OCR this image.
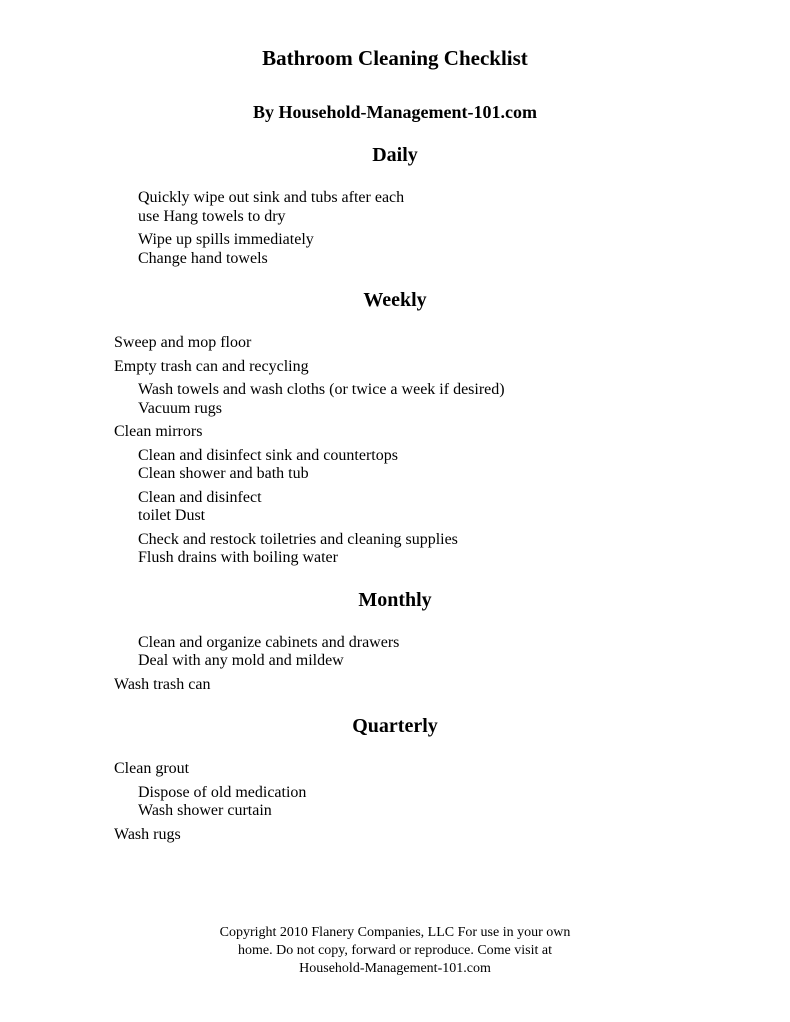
Bathroom Cleaning Checklist
By Household-Management-101.com
Daily

Quickly wipe out sink and tubs after each
use Hang towels to dry

Wipe up spills immediately
Change hand towels

Weekly

Sweep and mop floor

Empty trash can and recycling

Wash towels and wash cloths (or twice a week if desired)
Vacuum rugs

Clean mirrors

Clean and disinfect sink and countertops
Clean shower and bath tub

Clean and disinfect
toilet Dust

Check and restock toiletries and cleaning supplies
Flush drains with boiling water

Monthly

Clean and organize cabinets and drawers
Deal with any mold and mildew

Wash trash can

Quarterly

Clean grout

Dispose of old medication
Wash shower curtain

Wash rugs

Copyright 2010 Flanery Companies, LLC For use in your own
home. Do not copy, forward or reproduce. Come visit at
Household-Management-101.com
